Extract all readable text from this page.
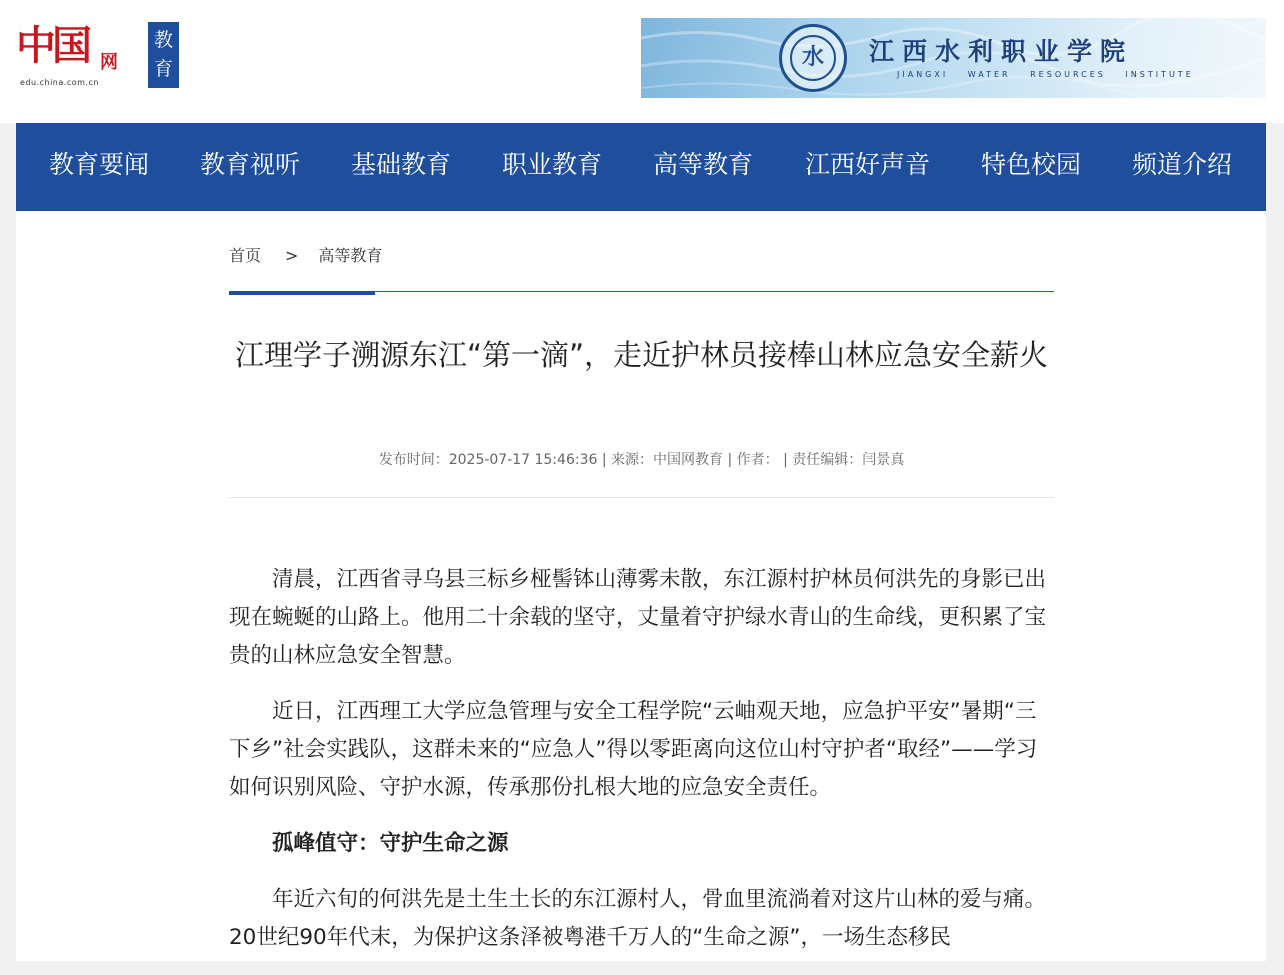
中国 网
edu.china.com.cn
教育	水	江西水利职业学院
JIANGXI WATER RESOURCES INSTITUTE
教育要闻 教育视听 基础教育 职业教育 高等教育 江西好声音 特色校园 频道介绍
首页 > 高等教育
江理学子溯源东江“第一滴”，走近护林员接棒山林应急安全薪火
发布时间：2025-07-17 15:46:36 | 来源：中国网教育 | 作者： | 责任编辑：闫景真

清晨，江西省寻乌县三标乡桠髻钵山薄雾未散，东江源村护林员何洪先的身影已出现在蜿蜒的山路上。他用二十余载的坚守，丈量着守护绿水青山的生命线，更积累了宝贵的山林应急安全智慧。

近日，江西理工大学应急管理与安全工程学院“云岫观天地，应急护平安”暑期“三下乡”社会实践队，这群未来的“应急人”得以零距离向这位山村守护者“取经”——学习如何识别风险、守护水源，传承那份扎根大地的应急安全责任。

孤峰值守：守护生命之源

年近六旬的何洪先是土生土长的东江源村人，骨血里流淌着对这片山林的爱与痛。20世纪90年代末，为保护这条泽被粤港千万人的“生命之源”，一场生态移民
